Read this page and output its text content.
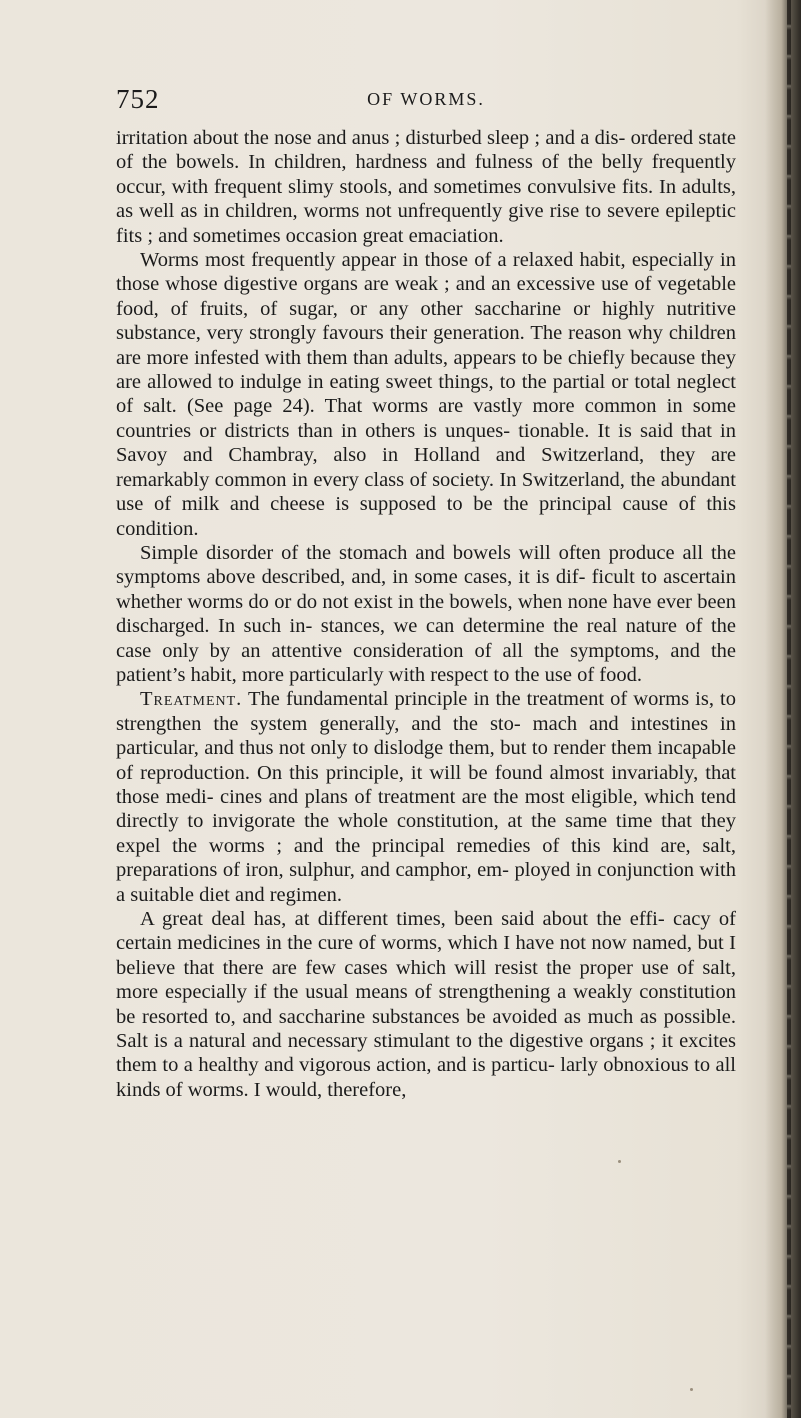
752	OF WORMS.

irritation about the nose and anus ; disturbed sleep ; and a dis- ordered state of the bowels. In children, hardness and fulness of the belly frequently occur, with frequent slimy stools, and sometimes convulsive fits. In adults, as well as in children, worms not unfrequently give rise to severe epileptic fits ; and sometimes occasion great emaciation.

Worms most frequently appear in those of a relaxed habit, especially in those whose digestive organs are weak ; and an excessive use of vegetable food, of fruits, of sugar, or any other saccharine or highly nutritive substance, very strongly favours their generation. The reason why children are more infested with them than adults, appears to be chiefly because they are allowed to indulge in eating sweet things, to the partial or total neglect of salt. (See page 24). That worms are vastly more common in some countries or districts than in others is unques- tionable. It is said that in Savoy and Chambray, also in Holland and Switzerland, they are remarkably common in every class of society. In Switzerland, the abundant use of milk and cheese is supposed to be the principal cause of this condition.

Simple disorder of the stomach and bowels will often produce all the symptoms above described, and, in some cases, it is dif- ficult to ascertain whether worms do or do not exist in the bowels, when none have ever been discharged. In such in- stances, we can determine the real nature of the case only by an attentive consideration of all the symptoms, and the patient’s habit, more particularly with respect to the use of food.

Treatment. The fundamental principle in the treatment of worms is, to strengthen the system generally, and the sto- mach and intestines in particular, and thus not only to dislodge them, but to render them incapable of reproduction. On this principle, it will be found almost invariably, that those medi- cines and plans of treatment are the most eligible, which tend directly to invigorate the whole constitution, at the same time that they expel the worms ; and the principal remedies of this kind are, salt, preparations of iron, sulphur, and camphor, em- ployed in conjunction with a suitable diet and regimen.

A great deal has, at different times, been said about the effi- cacy of certain medicines in the cure of worms, which I have not now named, but I believe that there are few cases which will resist the proper use of salt, more especially if the usual means of strengthening a weakly constitution be resorted to, and saccharine substances be avoided as much as possible. Salt is a natural and necessary stimulant to the digestive organs ; it excites them to a healthy and vigorous action, and is particu- larly obnoxious to all kinds of worms. I would, therefore,
